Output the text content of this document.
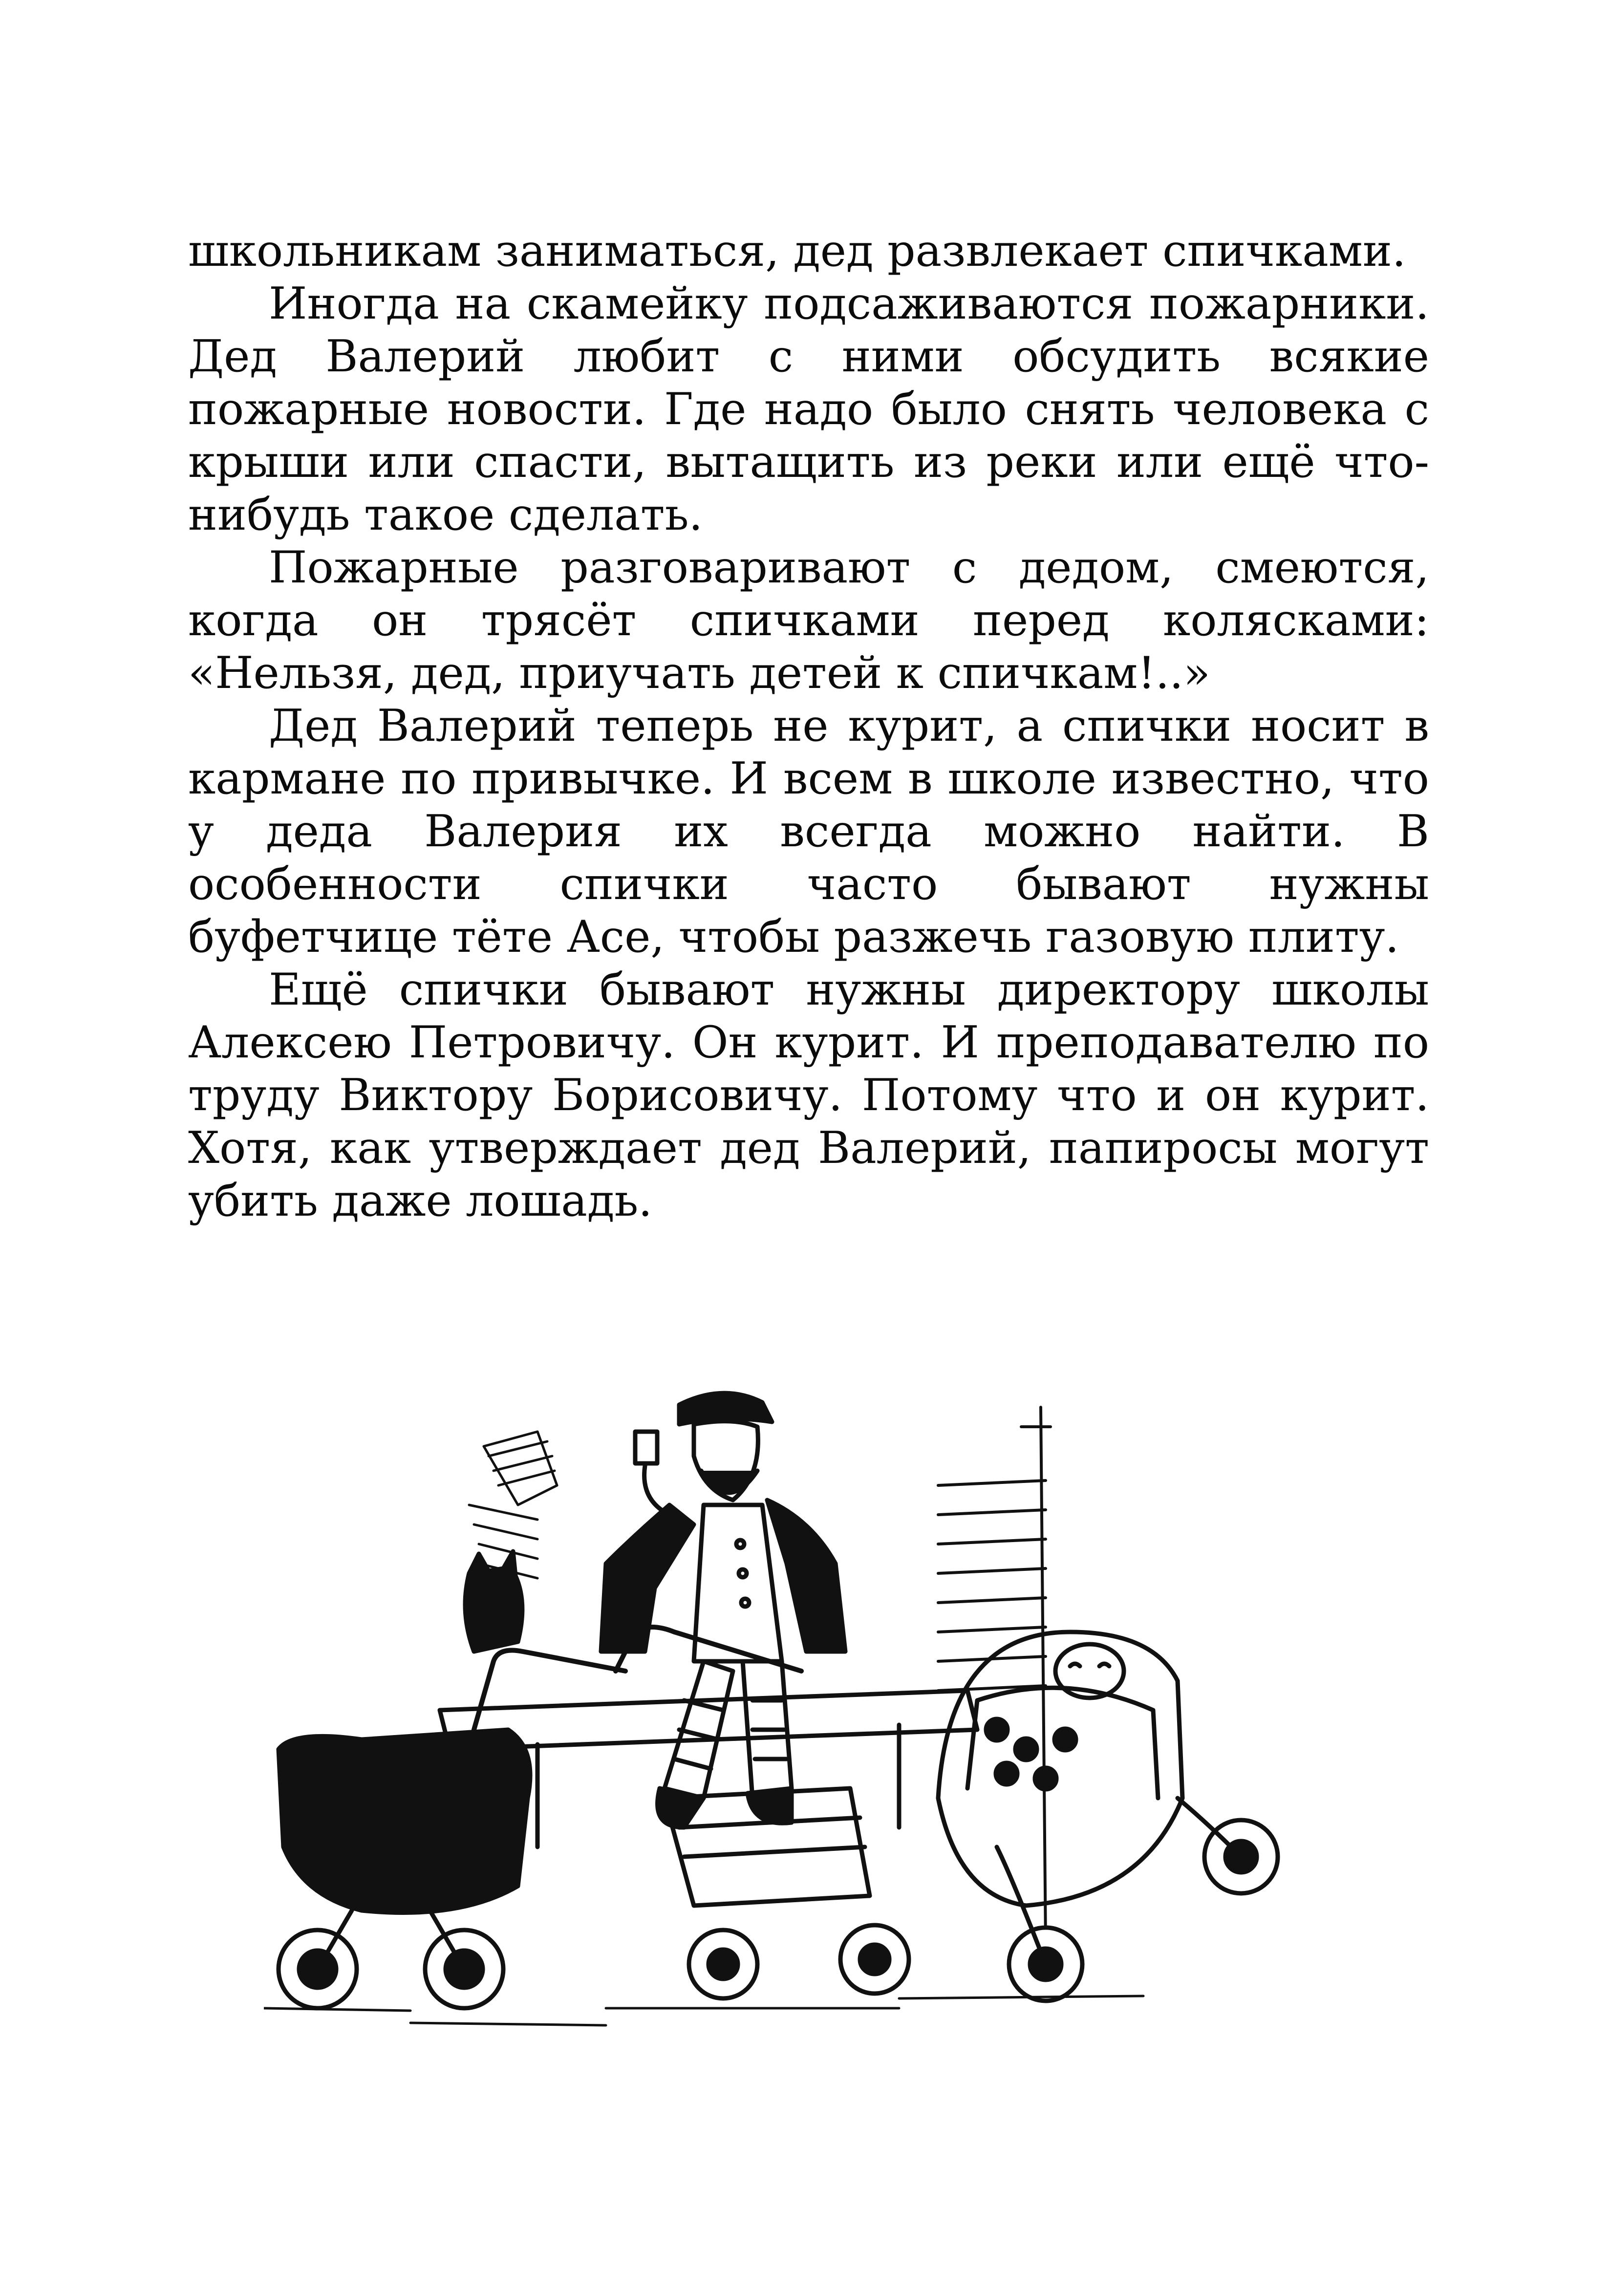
школьникам заниматься, дед развлекает спичками.

Иногда на скамейку подсаживаются пожарники. Дед Валерий любит с ними обсудить всякие пожарные новости. Где надо было снять человека с крыши или спасти, вытащить из реки или ещё что-нибудь такое сделать.

Пожарные разговаривают с дедом, смеются, когда он трясёт спичками перед колясками: «Нельзя, дед, приучать детей к спичкам!..»

Дед Валерий теперь не курит, а спички носит в кармане по привычке. И всем в школе известно, что у деда Валерия их всегда можно найти. В особенности спички часто бывают нужны буфетчице тёте Асе, чтобы разжечь газовую плиту.

Ещё спички бывают нужны директору школы Алексею Петровичу. Он курит. И преподавателю по труду Виктору Борисовичу. Потому что и он курит. Хотя, как утверждает дед Валерий, папиросы могут убить даже лошадь.
